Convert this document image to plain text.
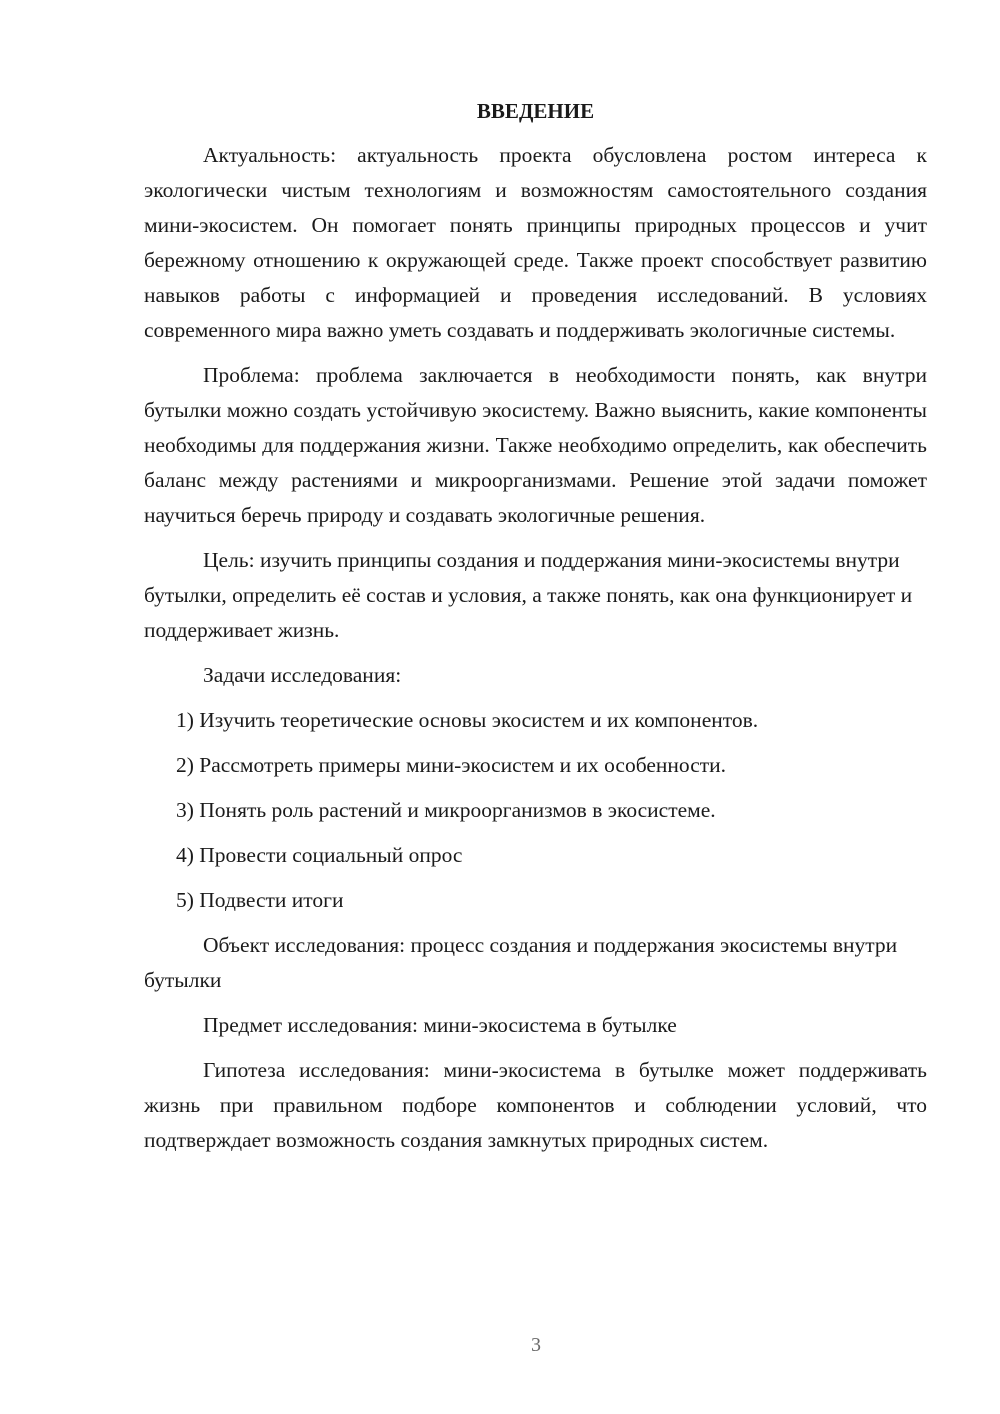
ВВЕДЕНИЕ

Актуальность: актуальность проекта обусловлена ростом интереса к экологически чистым технологиям и возможностям самостоятельного создания мини-экосистем. Он помогает понять принципы природных процессов и учит бережному отношению к окружающей среде. Также проект способствует развитию навыков работы с информацией и проведения исследований. В условиях современного мира важно уметь создавать и поддерживать экологичные системы.

Проблема: проблема заключается в необходимости понять, как внутри бутылки можно создать устойчивую экосистему. Важно выяснить, какие компоненты необходимы для поддержания жизни. Также необходимо определить, как обеспечить баланс между растениями и микроорганизмами. Решение этой задачи поможет научиться беречь природу и создавать экологичные решения.

Цель: изучить принципы создания и поддержания мини-экосистемы внутри бутылки, определить её состав и условия, а также понять, как она функционирует и поддерживает жизнь.

Задачи исследования:

1) Изучить теоретические основы экосистем и их компонентов.

2) Рассмотреть примеры мини-экосистем и их особенности.

3) Понять роль растений и микроорганизмов в экосистеме.

4) Провести социальный опрос

5) Подвести итоги

Объект исследования: процесс создания и поддержания экосистемы внутри бутылки

Предмет исследования: мини-экосистема в бутылке

Гипотеза исследования: мини-экосистема в бутылке может поддерживать жизнь при правильном подборе компонентов и соблюдении условий, что подтверждает возможность создания замкнутых природных систем.

3
